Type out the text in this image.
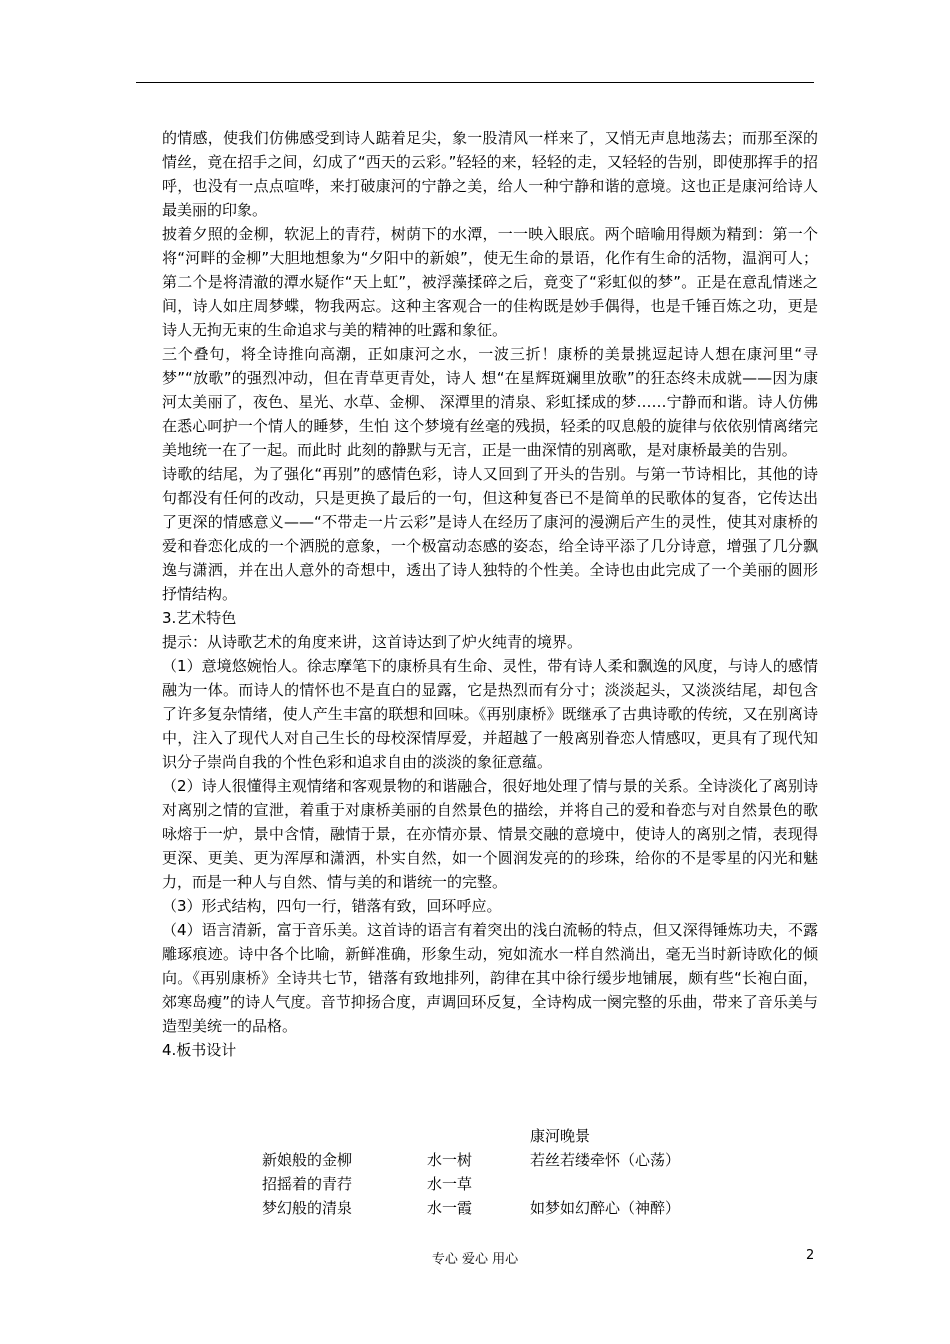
的情感，使我们仿佛感受到诗人踮着足尖，象一股清风一样来了，又悄无声息地荡去；而那至深的情丝，竟在招手之间，幻成了“西天的云彩。”轻轻的来，轻轻的走，又轻轻的告别，即使那挥手的招呼，也没有一点点喧哗，来打破康河的宁静之美，给人一种宁静和谐的意境。这也正是康河给诗人最美丽的印象。

披着夕照的金柳，软泥上的青荇，树荫下的水潭，一一映入眼底。两个暗喻用得颇为精到：第一个将“河畔的金柳”大胆地想象为“夕阳中的新娘”，使无生命的景语，化作有生命的活物，温润可人；第二个是将清澈的潭水疑作“天上虹”，被浮藻揉碎之后，竟变了“彩虹似的梦”。正是在意乱情迷之间，诗人如庄周梦蝶，物我两忘。这种主客观合一的佳构既是妙手偶得，也是千锤百炼之功，更是诗人无拘无束的生命追求与美的精神的吐露和象征。

三个叠句，将全诗推向高潮，正如康河之水，一波三折！康桥的美景挑逗起诗人想在康河里“寻梦”“放歌”的强烈冲动，但在青草更青处，诗人 想“在星辉斑斓里放歌”的狂态终未成就——因为康河太美丽了，夜色、星光、水草、金柳、 深潭里的清泉、彩虹揉成的梦……宁静而和谐。诗人仿佛在悉心呵护一个情人的睡梦，生怕 这个梦境有丝毫的残损，轻柔的叹息般的旋律与依依别情离绪完美地统一在了一起。而此时 此刻的静默与无言，正是一曲深情的别离歌，是对康桥最美的告别。

诗歌的结尾，为了强化“再别”的感情色彩，诗人又回到了开头的告别。与第一节诗相比，其他的诗句都没有任何的改动，只是更换了最后的一句，但这种复沓已不是简单的民歌体的复沓，它传达出了更深的情感意义——“不带走一片云彩”是诗人在经历了康河的漫溯后产生的灵性，使其对康桥的爱和眷恋化成的一个洒脱的意象，一个极富动态感的姿态，给全诗平添了几分诗意，增强了几分飘逸与潇洒，并在出人意外的奇想中，透出了诗人独特的个性美。全诗也由此完成了一个美丽的圆形抒情结构。

3.艺术特色

提示：从诗歌艺术的角度来讲，这首诗达到了炉火纯青的境界。

（1）意境悠婉怡人。徐志摩笔下的康桥具有生命、灵性，带有诗人柔和飘逸的风度，与诗人的感情融为一体。而诗人的情怀也不是直白的显露，它是热烈而有分寸；淡淡起头，又淡淡结尾，却包含了许多复杂情绪，使人产生丰富的联想和回味。《再别康桥》既继承了古典诗歌的传统，又在别离诗中，注入了现代人对自己生长的母校深情厚爱，并超越了一般离别眷恋人情感叹，更具有了现代知识分子崇尚自我的个性色彩和追求自由的淡淡的象征意蕴。

（2）诗人很懂得主观情绪和客观景物的和谐融合，很好地处理了情与景的关系。全诗淡化了离别诗对离别之情的宣泄，着重于对康桥美丽的自然景色的描绘，并将自己的爱和眷恋与对自然景色的歌咏熔于一炉，景中含情，融情于景，在亦情亦景、情景交融的意境中，使诗人的离别之情，表现得更深、更美、更为浑厚和潇洒，朴实自然，如一个圆润发亮的的珍珠，给你的不是零星的闪光和魅力，而是一种人与自然、情与美的和谐统一的完整。

（3）形式结构，四句一行，错落有致，回环呼应。

（4）语言清新，富于音乐美。这首诗的语言有着突出的浅白流畅的特点，但又深得锤炼功夫，不露雕琢痕迹。诗中各个比喻，新鲜准确，形象生动，宛如流水一样自然淌出，毫无当时新诗欧化的倾向。《再别康桥》全诗共七节，错落有致地排列，韵律在其中徐行缓步地铺展，颇有些“长袍白面，郊寒岛瘦”的诗人气度。音节抑扬合度，声调回环反复，全诗构成一阕完整的乐曲，带来了音乐美与造型美统一的品格。

4.板书设计

康河晚景
新娘般的金柳	水一树	若丝若缕牵怀（心荡）
招摇着的青荇	水一草
梦幻般的清泉	水一霞	如梦如幻醉心（神醉）
专心 爱心 用心	2
